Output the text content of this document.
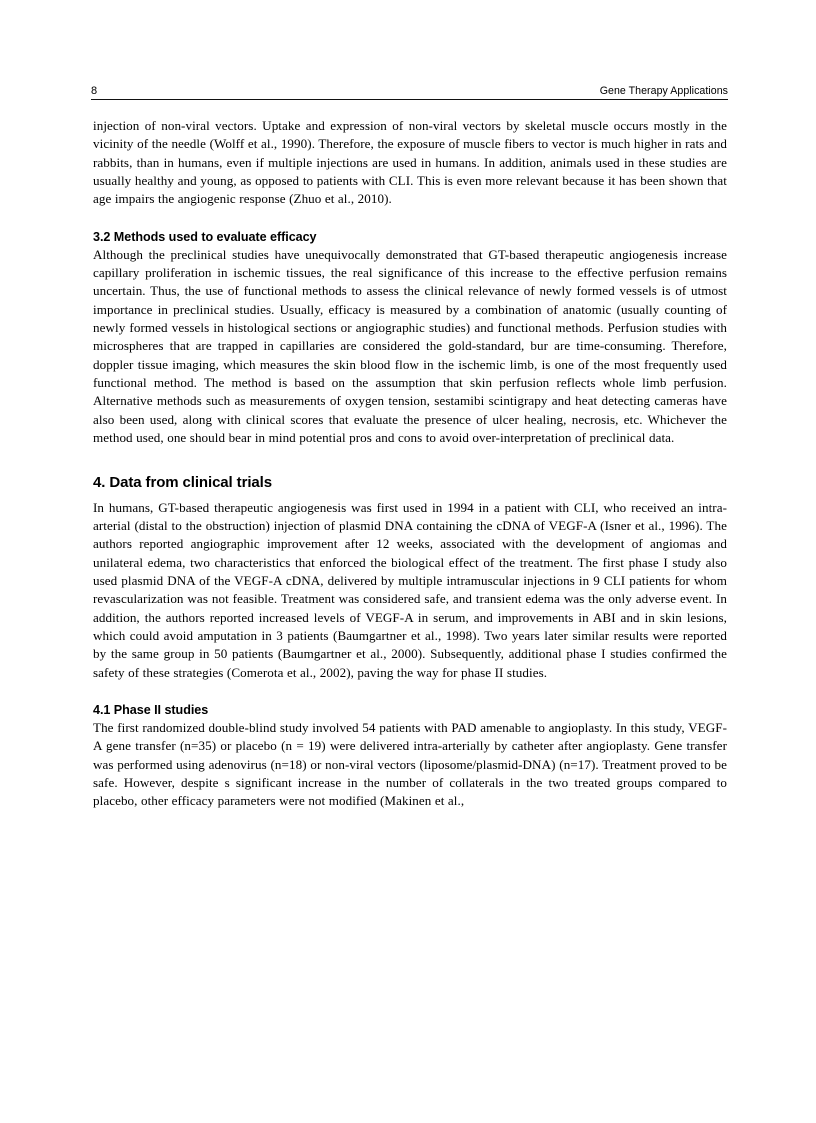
8	Gene Therapy Applications

injection of non-viral vectors. Uptake and expression of non-viral vectors by skeletal muscle occurs mostly in the vicinity of the needle (Wolff et al., 1990). Therefore, the exposure of muscle fibers to vector is much higher in rats and rabbits, than in humans, even if multiple injections are used in humans. In addition, animals used in these studies are usually healthy and young, as opposed to patients with CLI. This is even more relevant because it has been shown that age impairs the angiogenic response (Zhuo et al., 2010).

3.2 Methods used to evaluate efficacy

Although the preclinical studies have unequivocally demonstrated that GT-based therapeutic angiogenesis increase capillary proliferation in ischemic tissues, the real significance of this increase to the effective perfusion remains uncertain. Thus, the use of functional methods to assess the clinical relevance of newly formed vessels is of utmost importance in preclinical studies. Usually, efficacy is measured by a combination of anatomic (usually counting of newly formed vessels in histological sections or angiographic studies) and functional methods. Perfusion studies with microspheres that are trapped in capillaries are considered the gold-standard, bur are time-consuming. Therefore, doppler tissue imaging, which measures the skin blood flow in the ischemic limb, is one of the most frequently used functional method. The method is based on the assumption that skin perfusion reflects whole limb perfusion. Alternative methods such as measurements of oxygen tension, sestamibi scintigrapy and heat detecting cameras have also been used, along with clinical scores that evaluate the presence of ulcer healing, necrosis, etc. Whichever the method used, one should bear in mind potential pros and cons to avoid over-interpretation of preclinical data.

4. Data from clinical trials

In humans, GT-based therapeutic angiogenesis was first used in 1994 in a patient with CLI, who received an intra-arterial (distal to the obstruction) injection of plasmid DNA containing the cDNA of VEGF-A (Isner et al., 1996). The authors reported angiographic improvement after 12 weeks, associated with the development of angiomas and unilateral edema, two characteristics that enforced the biological effect of the treatment. The first phase I study also used plasmid DNA of the VEGF-A cDNA, delivered by multiple intramuscular injections in 9 CLI patients for whom revascularization was not feasible. Treatment was considered safe, and transient edema was the only adverse event. In addition, the authors reported increased levels of VEGF-A in serum, and improvements in ABI and in skin lesions, which could avoid amputation in 3 patients (Baumgartner et al., 1998). Two years later similar results were reported by the same group in 50 patients (Baumgartner et al., 2000). Subsequently, additional phase I studies confirmed the safety of these strategies (Comerota et al., 2002), paving the way for phase II studies.

4.1 Phase II studies

The first randomized double-blind study involved 54 patients with PAD amenable to angioplasty. In this study, VEGF-A gene transfer (n=35) or placebo (n = 19) were delivered intra-arterially by catheter after angioplasty. Gene transfer was performed using adenovirus (n=18) or non-viral vectors (liposome/plasmid-DNA) (n=17). Treatment proved to be safe. However, despite s significant increase in the number of collaterals in the two treated groups compared to placebo, other efficacy parameters were not modified (Makinen et al.,
